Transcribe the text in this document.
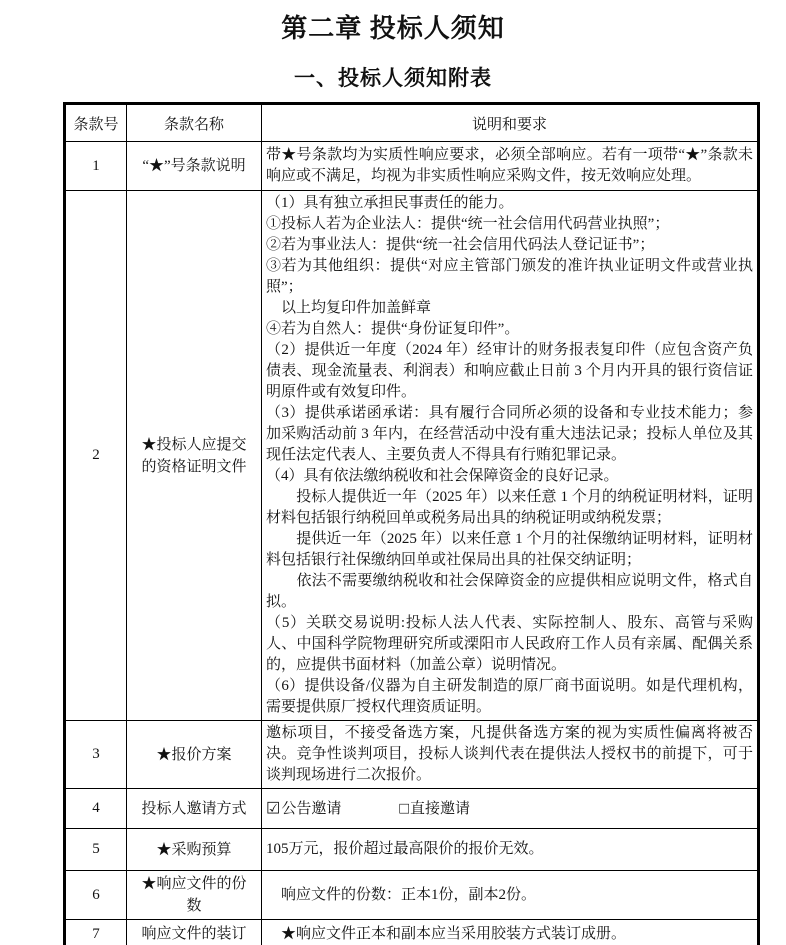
第二章 投标人须知
一、投标人须知附表
条款号	条款名称	说明和要求
1	“★”号条款说明	带★号条款均为实质性响应要求，必须全部响应。若有一项带“★”条款未响应或不满足，均视为非实质性响应采购文件，按无效响应处理。

2	★投标人应提交的资格证明文件	

（1）具有独立承担民事责任的能力。

①投标人若为企业法人：提供“统一社会信用代码营业执照”；

②若为事业法人：提供“统一社会信用代码法人登记证书”；

③若为其他组织：提供“对应主管部门颁发的准许执业证明文件或营业执照”；

　以上均复印件加盖鲜章

④若为自然人：提供“身份证复印件”。

（2）提供近一年度（2024 年）经审计的财务报表复印件（应包含资产负债表、现金流量表、利润表）和响应截止日前 3 个月内开具的银行资信证明原件或有效复印件。

（3）提供承诺函承诺：具有履行合同所必须的设备和专业技术能力；参加采购活动前 3 年内，在经营活动中没有重大违法记录；投标人单位及其现任法定代表人、主要负责人不得具有行贿犯罪记录。

（4）具有依法缴纳税收和社会保障资金的良好记录。

　　投标人提供近一年（2025 年）以来任意 1 个月的纳税证明材料，证明材料包括银行纳税回单或税务局出具的纳税证明或纳税发票；

　　提供近一年（2025 年）以来任意 1 个月的社保缴纳证明材料，证明材料包括银行社保缴纳回单或社保局出具的社保交纳证明；

　　依法不需要缴纳税收和社会保障资金的应提供相应说明文件，格式自拟。

（5）关联交易说明:投标人法人代表、实际控制人、股东、高管与采购人、中国科学院物理研究所或溧阳市人民政府工作人员有亲属、配偶关系的，应提供书面材料（加盖公章）说明情况。

（6）提供设备/仪器为自主研发制造的原厂商书面说明。如是代理机构，需要提供原厂授权代理资质证明。

3	★报价方案	邀标项目，不接受备选方案，凡提供备选方案的视为实质性偏离将被否决。竞争性谈判项目，投标人谈判代表在提供法人授权书的前提下，可于谈判现场进行二次报价。

4	投标人邀请方式	☑公告邀请 □直接邀请
5	★采购预算	105万元，报价超过最高限价的报价无效。

6	★响应文件的份数	　响应文件的份数：正本1份，副本2份。

7	响应文件的装订	　★响应文件正本和副本应当采用胶装方式装订成册。
